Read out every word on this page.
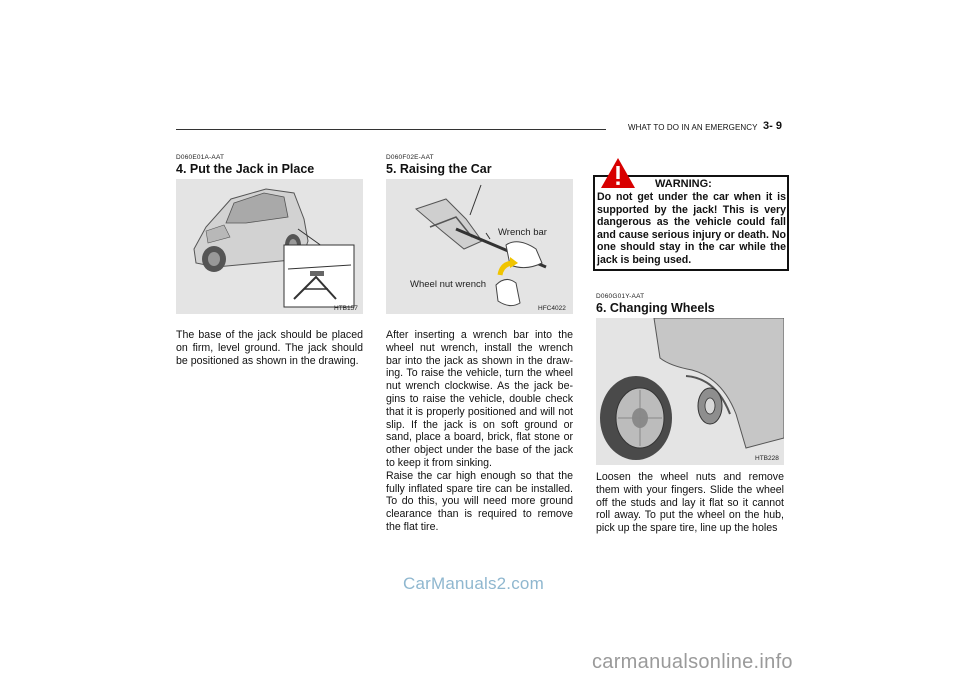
WHAT TO DO IN AN EMERGENCY 3- 9
D060E01A-AAT
4. Put the Jack in Place
HTB157
The base of the jack should be placed on firm, level ground. The jack should be positioned as shown in the drawing.
D060F02E-AAT
5. Raising the Car
Wrench bar
Wheel nut wrench
HFC4022

After inserting a wrench bar into the wheel nut wrench, install the wrench bar into the jack as shown in the draw-ing. To raise the vehicle, turn the wheel nut wrench clockwise. As the jack be-gins to raise the vehicle, double check that it is properly positioned and will not slip. If the jack is on soft ground or sand, place a board, brick, flat stone or other object under the base of the jack to keep it from sinking.

Raise the car high enough so that the fully inflated spare tire can be installed. To do this, you will need more ground clearance than is required to remove the flat tire.

WARNING:
Do not get under the car when it is supported by the jack! This is very dangerous as the vehicle could fall and cause serious injury or death. No one should stay in the car while the jack is being used.
D060G01Y-AAT
6. Changing Wheels
HTB228
Loosen the wheel nuts and remove them with your fingers. Slide the wheel off the studs and lay it flat so it cannot roll away. To put the wheel on the hub, pick up the spare tire, line up the holes
CarManuals2.com
carmanualsonline.info
